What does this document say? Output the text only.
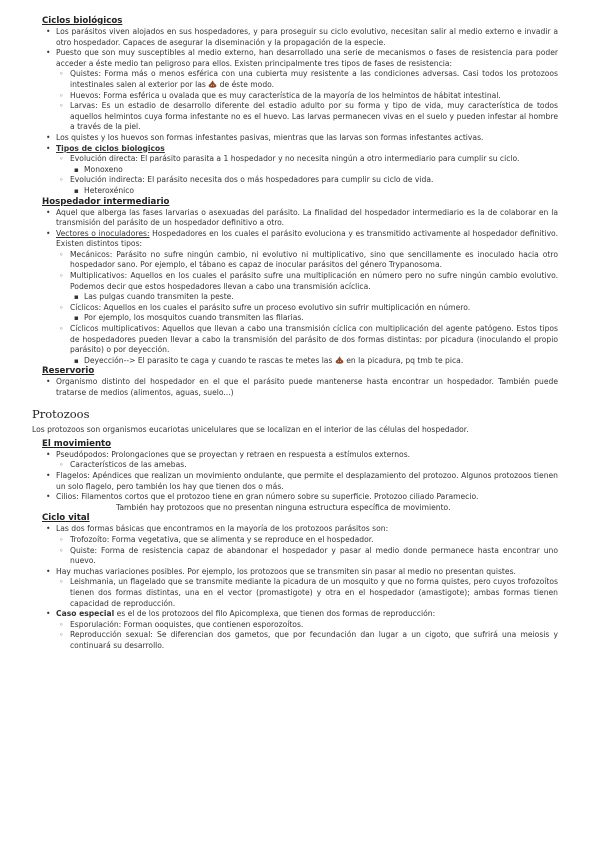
Ciclos biológicos
• Los parásitos viven alojados en sus hospedadores, y para proseguir su ciclo evolutivo, necesitan salir al medio externo e invadir a otro hospedador. Capaces de asegurar la diseminación y la propagación de la especie.
• Puesto que son muy susceptibles al medio externo, han desarrollado una serie de mecanismos o fases de resistencia para poder acceder a éste medio tan peligroso para ellos. Existen principalmente tres tipos de fases de resistencia:
◦ Quistes: Forma más o menos esférica con una cubierta muy resistente a las condiciones adversas. Casi todos los protozoos intestinales salen al exterior por las  de éste modo.
◦ Huevos: Forma esférica u ovalada que es muy característica de la mayoría de los helmintos de hábitat intestinal.
◦ Larvas: Es un estadio de desarrollo diferente del estadio adulto por su forma y tipo de vida, muy característica de todos aquellos helmintos cuya forma infestante no es el huevo. Las larvas permanecen vivas en el suelo y pueden infestar al hombre a través de la piel.
• Los quistes y los huevos son formas infestantes pasivas, mientras que las larvas son formas infestantes activas.
• Tipos de ciclos biologicos
◦ Evolución directa: El parásito parasita a 1 hospedador y no necesita ningún a otro intermediario para cumplir su ciclo.
▪ Monoxeno
◦ Evolución indirecta: El parásito necesita dos o más hospedadores para cumplir su ciclo de vida.
▪ Heteroxénico
Hospedador intermediario
• Aquel que alberga las fases larvarias o asexuadas del parásito. La finalidad del hospedador intermediario es la de colaborar en la transmisión del parásito de un hospedador definitivo a otro.
• Vectores o inoculadores: Hospedadores en los cuales el parásito evoluciona y es transmitido activamente al hospedador definitivo. Existen distintos tipos:
◦ Mecánicos: Parásito no sufre ningún cambio, ni evolutivo ni multiplicativo, sino que sencillamente es inoculado hacia otro hospedador sano. Por ejemplo, el tábano es capaz de inocular parásitos del género Trypanosoma.
◦ Multiplicativos: Aquellos en los cuales el parásito sufre una multiplicación en número pero no sufre ningún cambio evolutivo. Podemos decir que estos hospedadores llevan a cabo una transmisión acíclica.
▪ Las pulgas cuando transmiten la peste.
◦ Cíclicos: Aquellos en los cuales el parásito sufre un proceso evolutivo sin sufrir multiplicación en número.
▪ Por ejemplo, los mosquitos cuando transmiten las filarias.
◦ Cíclicos multiplicativos: Aquellos que llevan a cabo una transmisión cíclica con multiplicación del agente patógeno. Estos tipos de hospedadores pueden llevar a cabo la transmisión del parásito de dos formas distintas: por picadura (inoculando el propio parásito) o por deyección.
▪ Deyección--> El parasito te caga y cuando te rascas te metes las  en la picadura, pq tmb te pica.
Reservorio
• Organismo distinto del hospedador en el que el parásito puede mantenerse hasta encontrar un hospedador. También puede tratarse de medios (alimentos, aguas, suelo...)
Protozoos

Los protozoos son organismos eucariotas unicelulares que se localizan en el interior de las células del hospedador.

El movimiento
• Pseudópodos: Prolongaciones que se proyectan y retraen en respuesta a estímulos externos.
◦ Característicos de las amebas.
• Flagelos: Apéndices que realizan un movimiento ondulante, que permite el desplazamiento del protozoo. Algunos protozoos tienen un solo flagelo, pero también los hay que tienen dos o más.
• Cilios: Filamentos cortos que el protozoo tiene en gran número sobre su superficie. Protozoo ciliado Paramecio.
También hay protozoos que no presentan ninguna estructura específica de movimiento.
Ciclo vital
• Las dos formas básicas que encontramos en la mayoría de los protozoos parásitos son:
◦ Trofozoíto: Forma vegetativa, que se alimenta y se reproduce en el hospedador.
◦ Quiste: Forma de resistencia capaz de abandonar el hospedador y pasar al medio donde permanece hasta encontrar uno nuevo.
• Hay muchas variaciones posibles. Por ejemplo, los protozoos que se transmiten sin pasar al medio no presentan quistes.
◦ Leishmania, un flagelado que se transmite mediante la picadura de un mosquito y que no forma quistes, pero cuyos trofozoítos tienen dos formas distintas, una en el vector (promastigote) y otra en el hospedador (amastigote); ambas formas tienen capacidad de reproducción.
• Caso especial es el de los protozoos del filo Apicomplexa, que tienen dos formas de reproducción:
◦ Esporulación: Forman ooquistes, que contienen esporozoítos.
◦ Reproducción sexual: Se diferencian dos gametos, que por fecundación dan lugar a un cigoto, que sufrirá una meiosis y continuará su desarrollo.
